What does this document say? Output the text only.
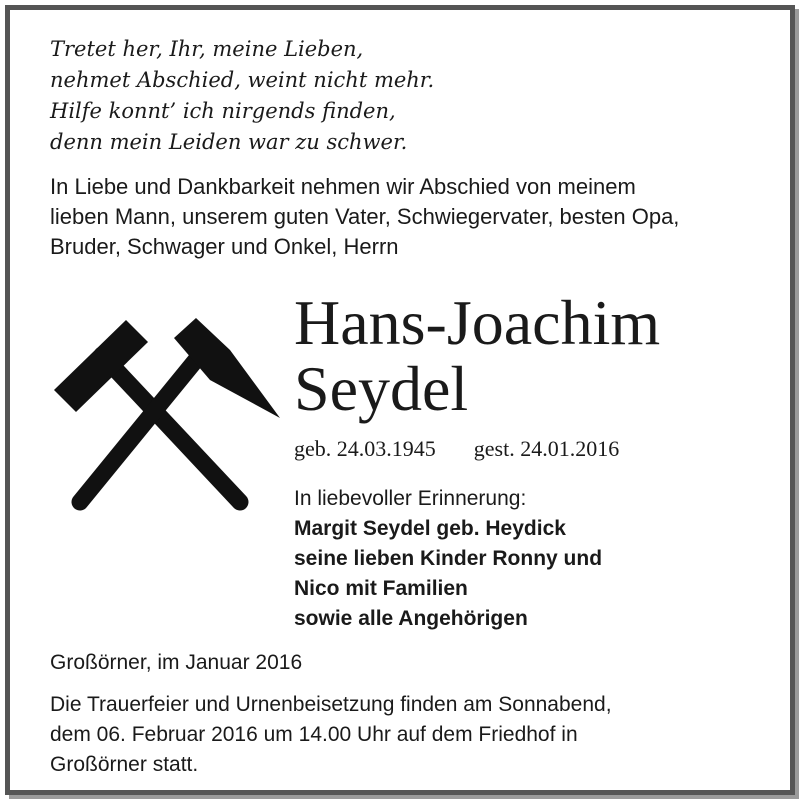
Tretet her, Ihr, meine Lieben,
nehmet Abschied, weint nicht mehr.
Hilfe konnt’ ich nirgends finden,
denn mein Leiden war zu schwer.
In Liebe und Dankbarkeit nehmen wir Abschied von meinem
lieben Mann, unserem guten Vater, Schwiegervater, besten Opa,
Bruder, Schwager und Onkel, Herrn
Hans-Joachim
Seydel
geb. 24.03.1945 gest. 24.01.2016
In liebevoller Erinnerung:
Margit Seydel geb. Heydick
seine lieben Kinder Ronny und
Nico mit Familien
sowie alle Angehörigen
Großörner, im Januar 2016
Die Trauerfeier und Urnenbeisetzung finden am Sonnabend,
dem 06. Februar 2016 um 14.00 Uhr auf dem Friedhof in
Großörner statt.
